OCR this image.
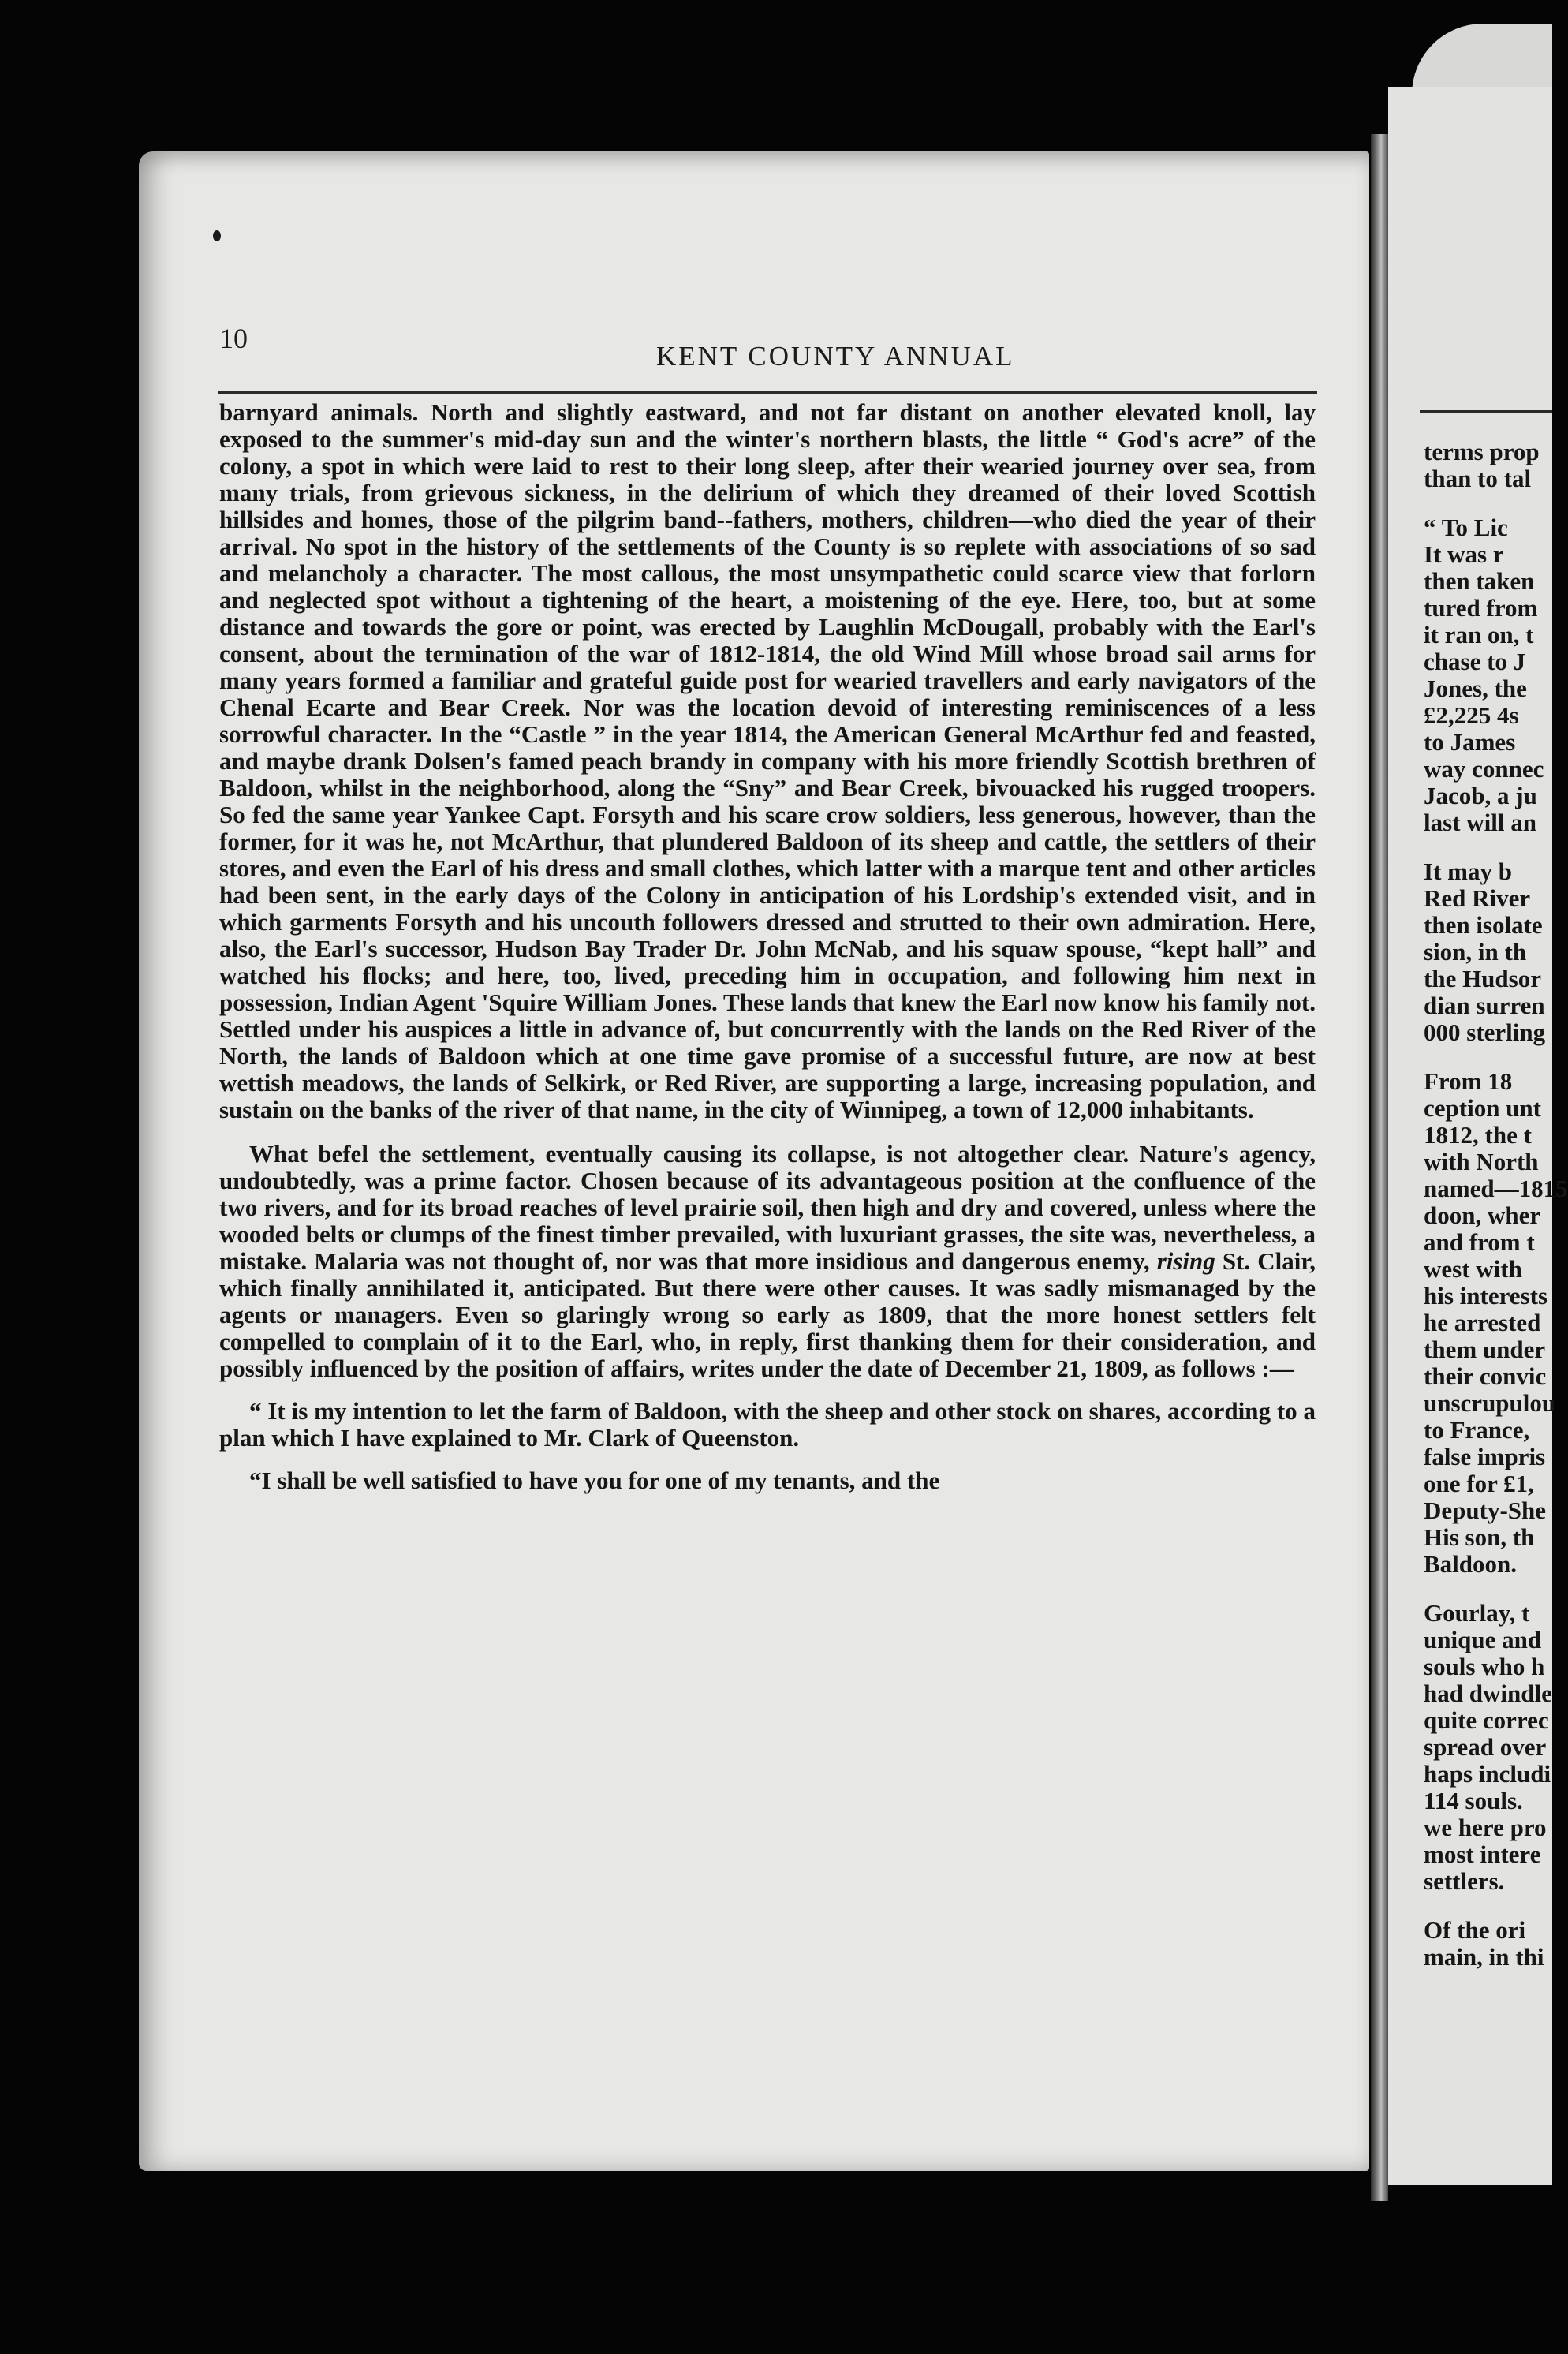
10
KENT COUNTY ANNUAL

barnyard animals. North and slightly eastward, and not far distant on another elevated knoll, lay exposed to the summer's mid-day sun and the winter's northern blasts, the little “ God's acre” of the colony, a spot in which were laid to rest to their long sleep, after their wearied journey over sea, from many trials, from grievous sickness, in the delirium of which they dreamed of their loved Scottish hillsides and homes, those of the pilgrim band--fathers, mothers, children—who died the year of their arrival. No spot in the history of the settlements of the County is so replete with associations of so sad and melancholy a character. The most callous, the most unsympathetic could scarce view that forlorn and neglected spot without a tightening of the heart, a moistening of the eye. Here, too, but at some distance and towards the gore or point, was erected by Laughlin McDougall, probably with the Earl's consent, about the termination of the war of 1812-1814, the old Wind Mill whose broad sail arms for many years formed a familiar and grateful guide post for wearied travellers and early navigators of the Chenal Ecarte and Bear Creek. Nor was the location devoid of interesting reminiscences of a less sorrowful character. In the “Castle ” in the year 1814, the American General McArthur fed and feasted, and maybe drank Dolsen's famed peach brandy in company with his more friendly Scottish brethren of Baldoon, whilst in the neighborhood, along the “Sny” and Bear Creek, bivouacked his rugged troopers. So fed the same year Yankee Capt. Forsyth and his scare crow soldiers, less generous, however, than the former, for it was he, not McArthur, that plundered Baldoon of its sheep and cattle, the settlers of their stores, and even the Earl of his dress and small clothes, which latter with a marque tent and other articles had been sent, in the early days of the Colony in anticipation of his Lordship's extended visit, and in which garments Forsyth and his uncouth followers dressed and strutted to their own admiration. Here, also, the Earl's successor, Hudson Bay Trader Dr. John McNab, and his squaw spouse, “kept hall” and watched his flocks; and here, too, lived, preceding him in occupation, and following him next in possession, Indian Agent 'Squire William Jones. These lands that knew the Earl now know his family not. Settled under his auspices a little in advance of, but concurrently with the lands on the Red River of the North, the lands of Baldoon which at one time gave promise of a successful future, are now at best wettish meadows, the lands of Selkirk, or Red River, are supporting a large, increasing population, and sustain on the banks of the river of that name, in the city of Winnipeg, a town of 12,000 inhabitants.

What befel the settlement, eventually causing its collapse, is not altogether clear. Nature's agency, undoubtedly, was a prime factor. Chosen because of its advantageous position at the confluence of the two rivers, and for its broad reaches of level prairie soil, then high and dry and covered, unless where the wooded belts or clumps of the finest timber prevailed, with luxuriant grasses, the site was, nevertheless, a mistake. Malaria was not thought of, nor was that more insidious and dangerous enemy, rising St. Clair, which finally annihilated it, anticipated. But there were other causes. It was sadly mismanaged by the agents or managers. Even so glaringly wrong so early as 1809, that the more honest settlers felt compelled to complain of it to the Earl, who, in reply, first thanking them for their consideration, and possibly influenced by the position of affairs, writes under the date of December 21, 1809, as follows :—

“ It is my intention to let the farm of Baldoon, with the sheep and other stock on shares, according to a plan which I have explained to Mr. Clark of Queenston.

“I shall be well satisfied to have you for one of my tenants, and the

terms prop
than to tal
“ To Lic
It was r
then taken
tured from
it ran on, t
chase to J
Jones, the
£2,225 4s
to James
way connec
Jacob, a ju
last will an
It may b
Red River
then isolate
sion, in th
the Hudsor
dian surren
000 sterling
From 18
ception unt
1812, the t
with North
named—1815
doon, wher
and from t
west with
his interests
he arrested
them under
their convic
unscrupulou
to France,
false impris
one for £1,
Deputy-She
His son, th
Baldoon.
Gourlay, t
unique and
souls who h
had dwindle
quite correc
spread over
haps includi
114 souls.
we here pro
most intere
settlers.
Of the ori
main, in thi
